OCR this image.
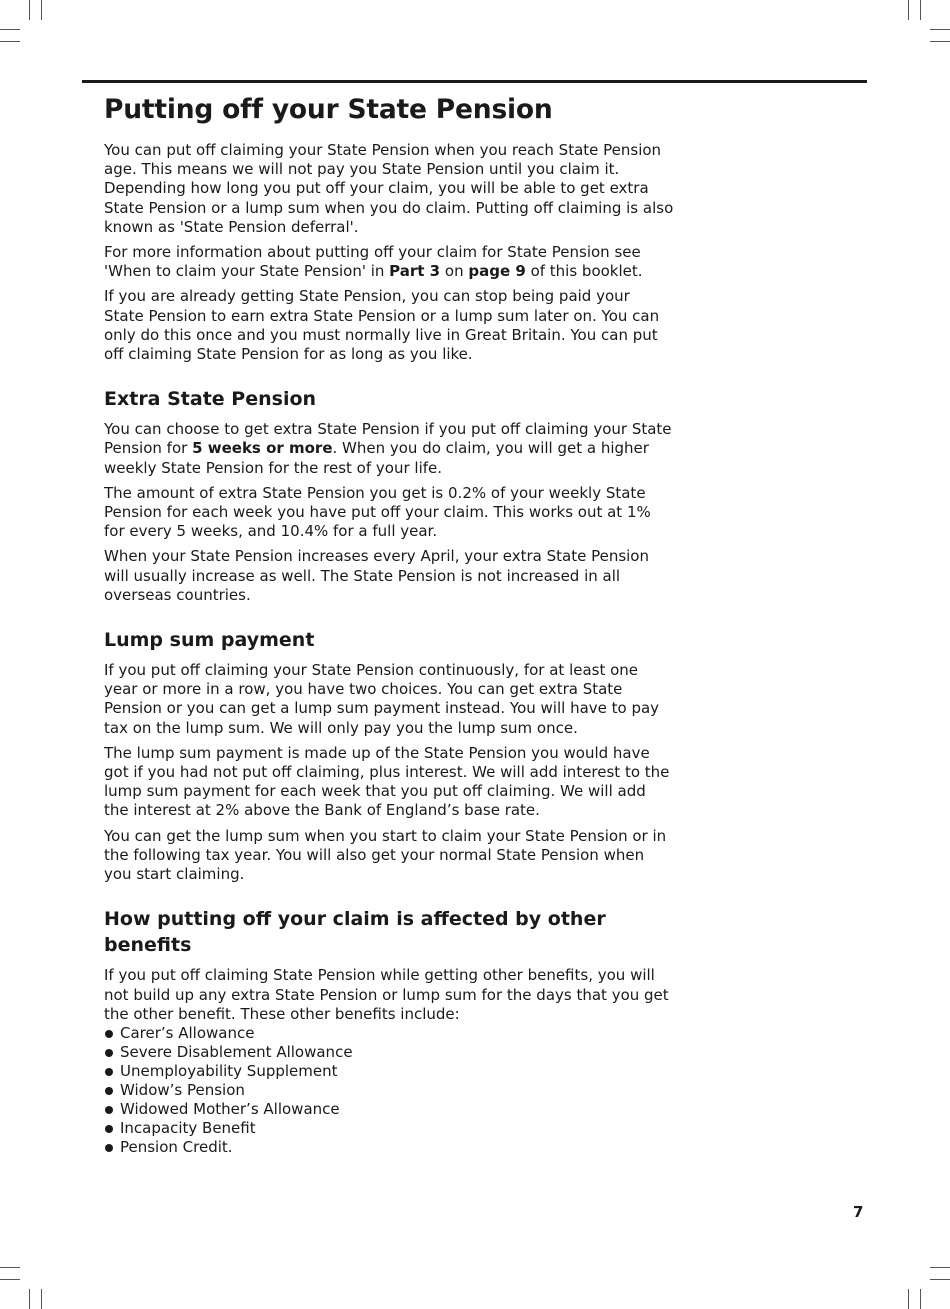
Putting off your State Pension

You can put off claiming your State Pension when you reach State Pension age. This means we will not pay you State Pension until you claim it. Depending how long you put off your claim, you will be able to get extra State Pension or a lump sum when you do claim. Putting off claiming is also known as 'State Pension deferral'.

For more information about putting off your claim for State Pension see 'When to claim your State Pension' in Part 3 on page 9 of this booklet.

If you are already getting State Pension, you can stop being paid your State Pension to earn extra State Pension or a lump sum later on. You can only do this once and you must normally live in Great Britain. You can put off claiming State Pension for as long as you like.

Extra State Pension

You can choose to get extra State Pension if you put off claiming your State Pension for 5 weeks or more. When you do claim, you will get a higher weekly State Pension for the rest of your life.

The amount of extra State Pension you get is 0.2% of your weekly State Pension for each week you have put off your claim. This works out at 1% for every 5 weeks, and 10.4% for a full year.

When your State Pension increases every April, your extra State Pension will usually increase as well. The State Pension is not increased in all overseas countries.

Lump sum payment

If you put off claiming your State Pension continuously, for at least one year or more in a row, you have two choices. You can get extra State Pension or you can get a lump sum payment instead. You will have to pay tax on the lump sum. We will only pay you the lump sum once.

The lump sum payment is made up of the State Pension you would have got if you had not put off claiming, plus interest. We will add interest to the lump sum payment for each week that you put off claiming. We will add the interest at 2% above the Bank of England’s base rate.

You can get the lump sum when you start to claim your State Pension or in the following tax year. You will also get your normal State Pension when you start claiming.

How putting off your claim is affected by other benefits

If you put off claiming State Pension while getting other benefits, you will not build up any extra State Pension or lump sum for the days that you get the other benefit. These other benefits include:

Carer’s Allowance
Severe Disablement Allowance
Unemployability Supplement
Widow’s Pension
Widowed Mother’s Allowance
Incapacity Benefit
Pension Credit.
7
